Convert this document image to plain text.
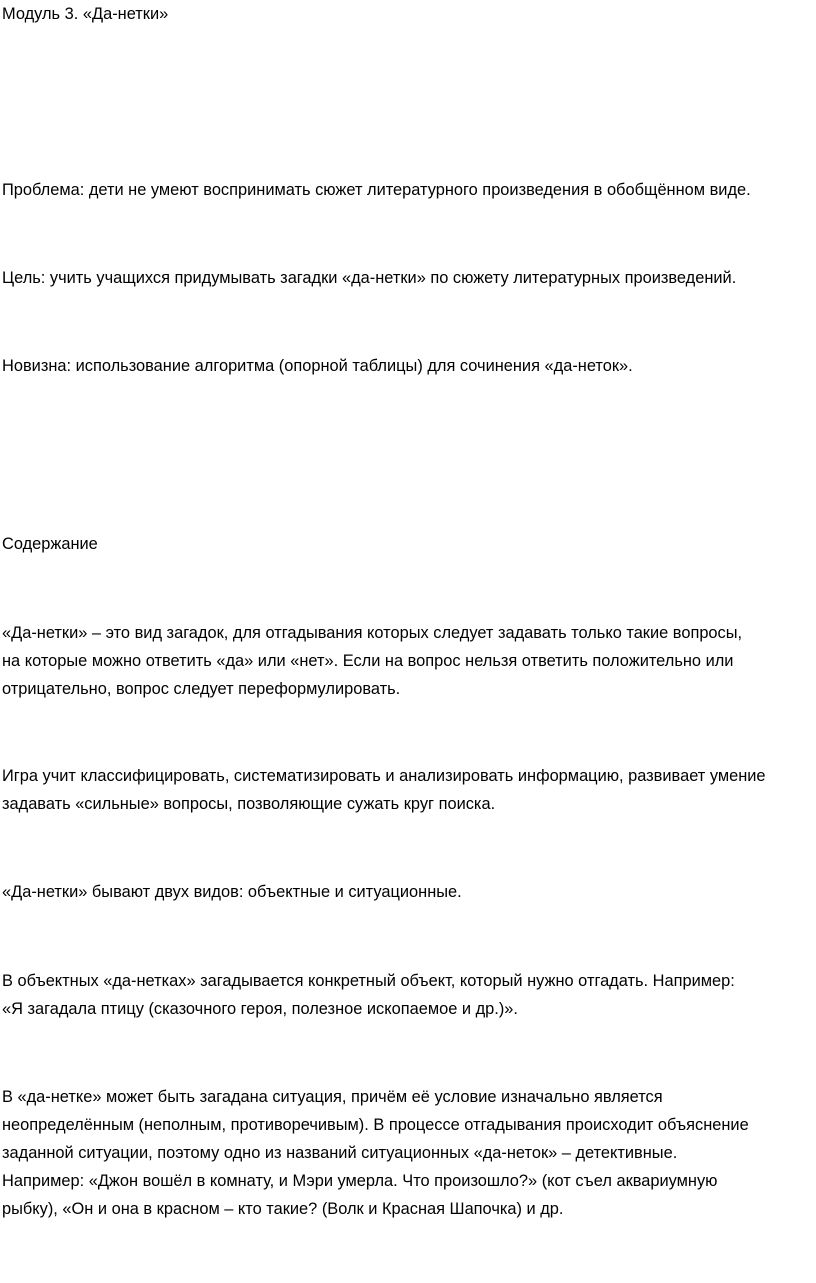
Модуль 3. «Да-нетки»
Проблема: дети не умеют воспринимать сюжет литературного произведения в обобщённом виде.
Цель: учить учащихся придумывать загадки «да-нетки» по сюжету литературных произведений.
Новизна: использование алгоритма (опорной таблицы) для сочинения «да-неток».
Содержание
«Да-нетки» – это вид загадок, для отгадывания которых следует задавать только такие вопросы,
на которые можно ответить «да» или «нет». Если на вопрос нельзя ответить положительно или
отрицательно, вопрос следует переформулировать.
Игра учит классифицировать, систематизировать и анализировать информацию, развивает умение
задавать «сильные» вопросы, позволяющие сужать круг поиска.
«Да-нетки» бывают двух видов: объектные и ситуационные.
В объектных «да-нетках» загадывается конкретный объект, который нужно отгадать. Например:
«Я загадала птицу (сказочного героя, полезное ископаемое и др.)».
В «да-нетке» может быть загадана ситуация, причём её условие изначально является
неопределённым (неполным, противоречивым). В процессе отгадывания происходит объяснение
заданной ситуации, поэтому одно из названий ситуационных «да-неток» – детективные.
Например: «Джон вошёл в комнату, и Мэри умерла. Что произошло?» (кот съел аквариумную
рыбку), «Он и она в красном – кто такие? (Волк и Красная Шапочка) и др.
